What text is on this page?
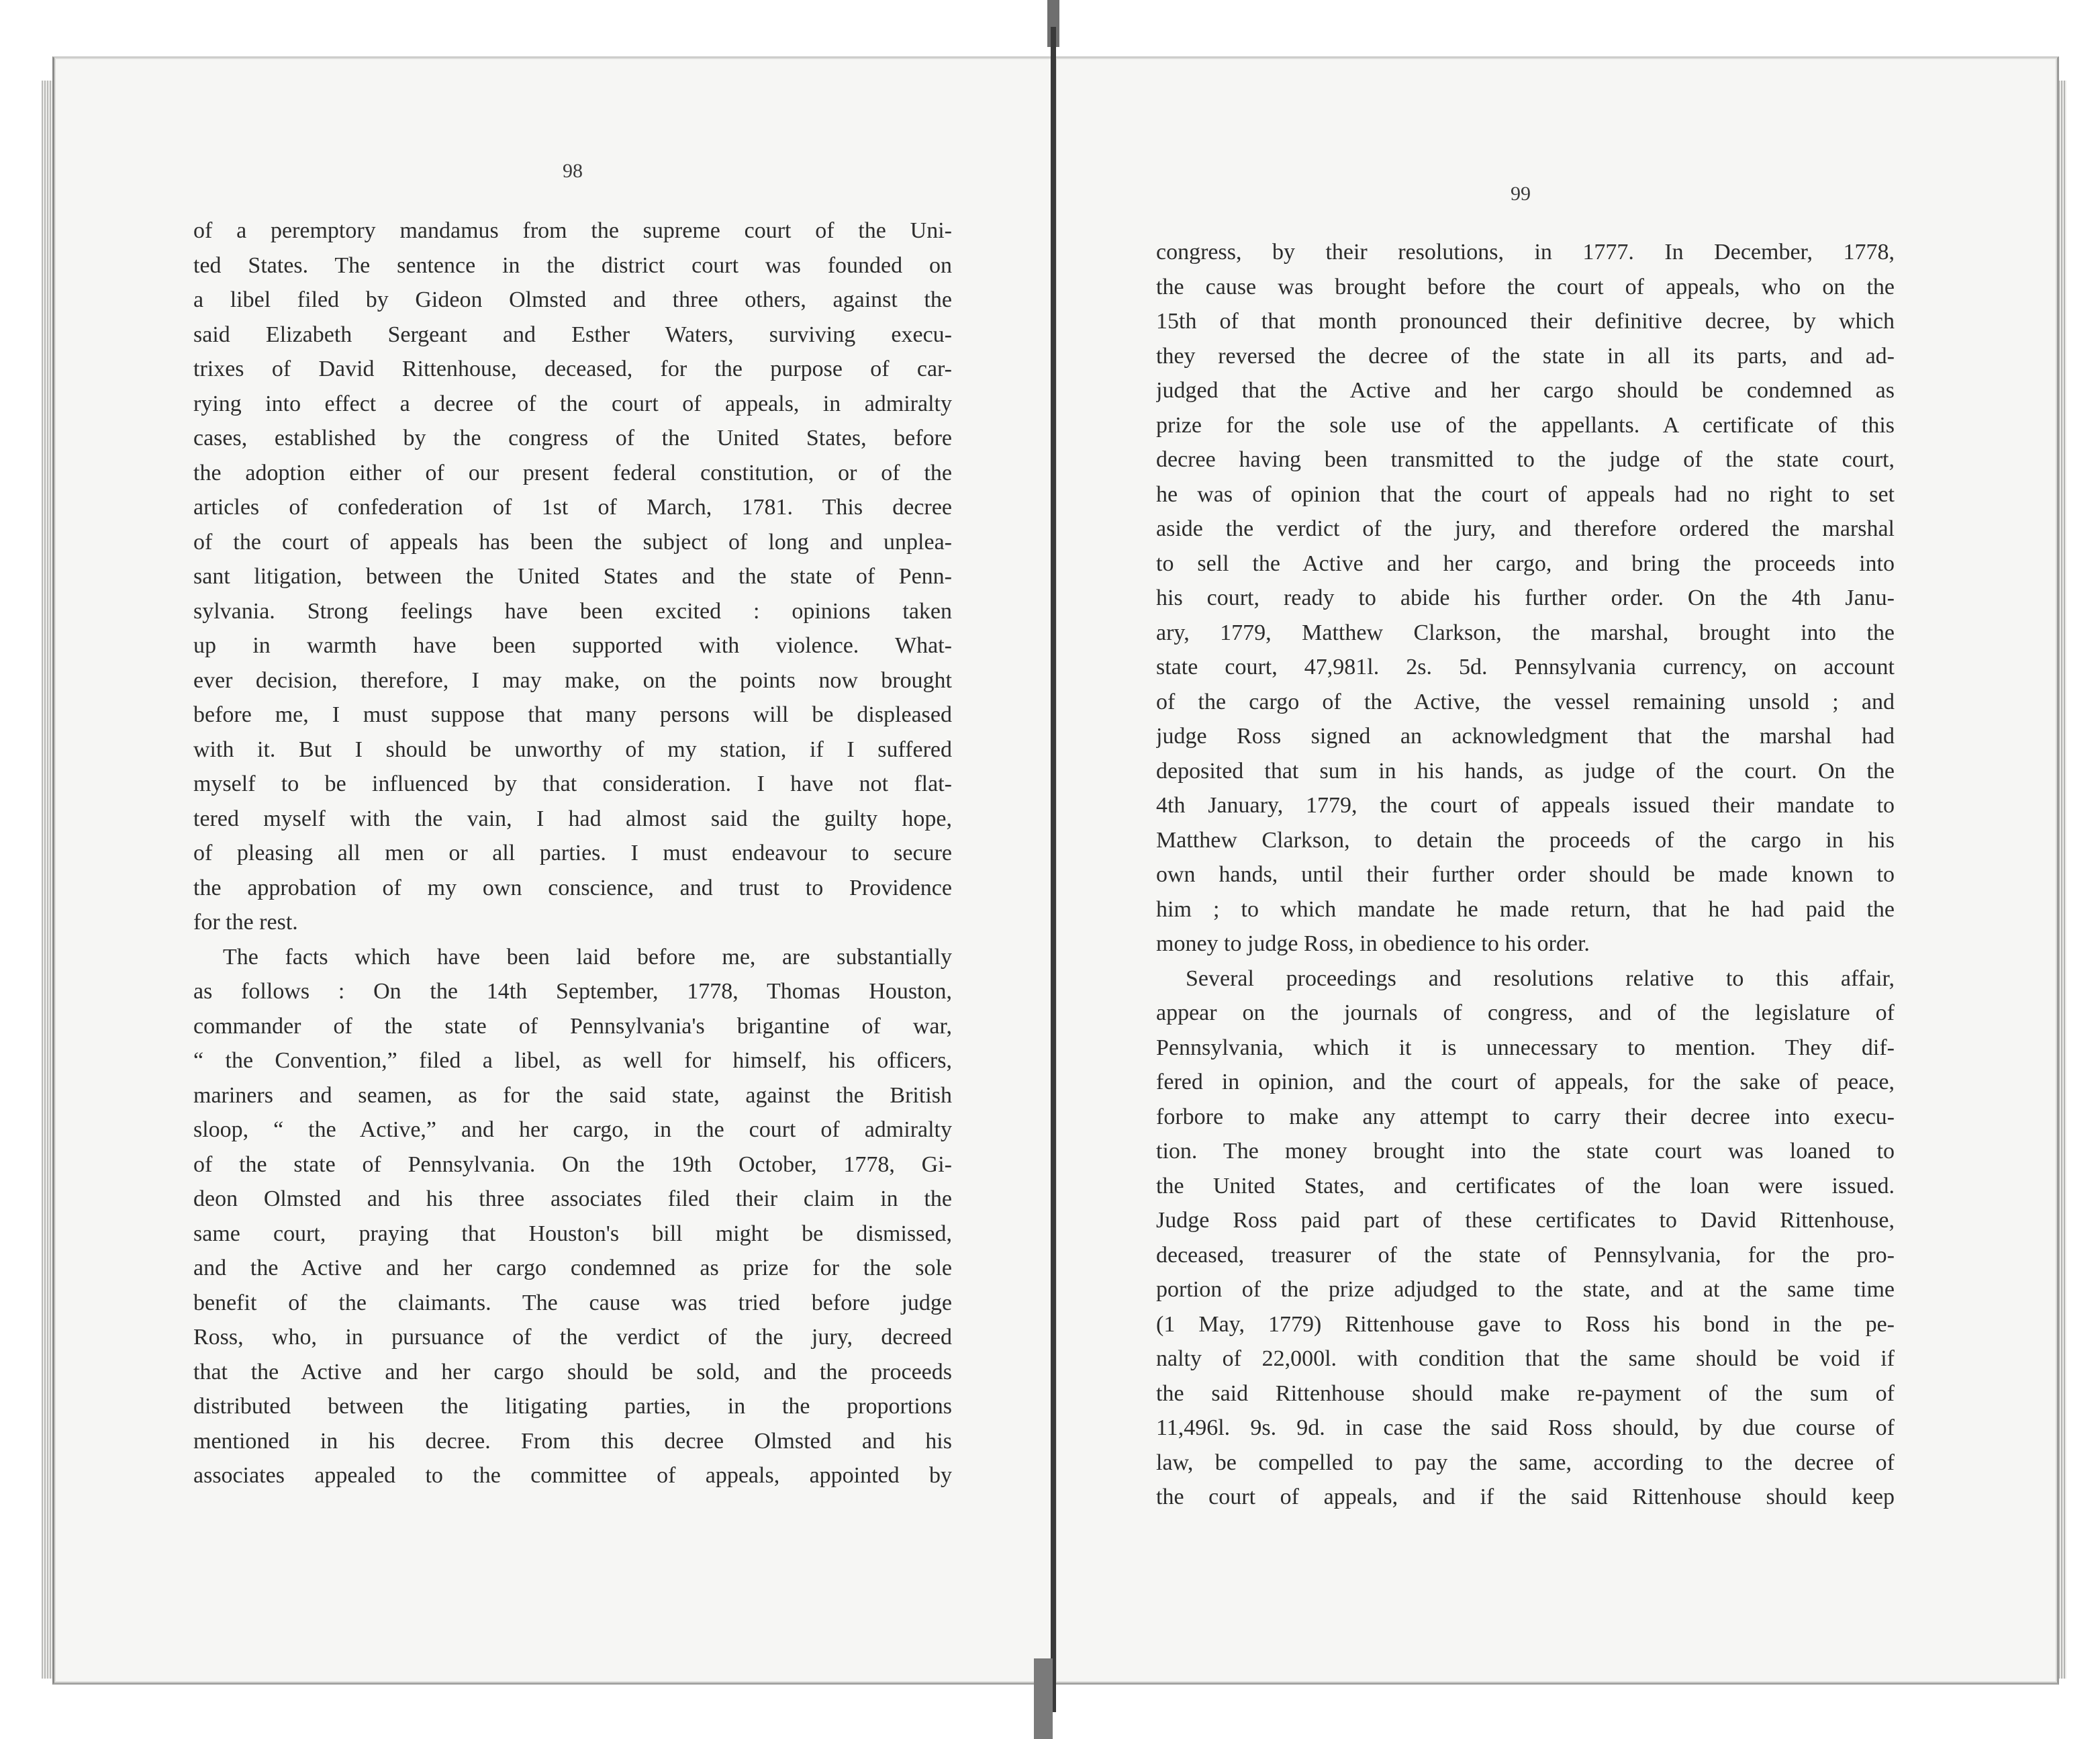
98
99
of a peremptory mandamus from the supreme court of the Uni-
ted States. The sentence in the district court was founded on
a libel filed by Gideon Olmsted and three others, against the
said Elizabeth Sergeant and Esther Waters, surviving execu-
trixes of David Rittenhouse, deceased, for the purpose of car-
rying into effect a decree of the court of appeals, in admiralty
cases, established by the congress of the United States, before
the adoption either of our present federal constitution, or of the
articles of confederation of 1st of March, 1781. This decree
of the court of appeals has been the subject of long and unplea-
sant litigation, between the United States and the state of Penn-
sylvania. Strong feelings have been excited : opinions taken
up in warmth have been supported with violence. What-
ever decision, therefore, I may make, on the points now brought
before me, I must suppose that many persons will be displeased
with it. But I should be unworthy of my station, if I suffered
myself to be influenced by that consideration. I have not flat-
tered myself with the vain, I had almost said the guilty hope,
of pleasing all men or all parties. I must endeavour to secure
the approbation of my own conscience, and trust to Providence
for the rest.
The facts which have been laid before me, are substantially
as follows : On the 14th September, 1778, Thomas Houston,
commander of the state of Pennsylvania's brigantine of war,
“ the Convention,” filed a libel, as well for himself, his officers,
mariners and seamen, as for the said state, against the British
sloop, “ the Active,” and her cargo, in the court of admiralty
of the state of Pennsylvania. On the 19th October, 1778, Gi-
deon Olmsted and his three associates filed their claim in the
same court, praying that Houston's bill might be dismissed,
and the Active and her cargo condemned as prize for the sole
benefit of the claimants. The cause was tried before judge
Ross, who, in pursuance of the verdict of the jury, decreed
that the Active and her cargo should be sold, and the proceeds
distributed between the litigating parties, in the proportions
mentioned in his decree. From this decree Olmsted and his
associates appealed to the committee of appeals, appointed by
congress, by their resolutions, in 1777. In December, 1778,
the cause was brought before the court of appeals, who on the
15th of that month pronounced their definitive decree, by which
they reversed the decree of the state in all its parts, and ad-
judged that the Active and her cargo should be condemned as
prize for the sole use of the appellants. A certificate of this
decree having been transmitted to the judge of the state court,
he was of opinion that the court of appeals had no right to set
aside the verdict of the jury, and therefore ordered the marshal
to sell the Active and her cargo, and bring the proceeds into
his court, ready to abide his further order. On the 4th Janu-
ary, 1779, Matthew Clarkson, the marshal, brought into the
state court, 47,981l. 2s. 5d. Pennsylvania currency, on account
of the cargo of the Active, the vessel remaining unsold ; and
judge Ross signed an acknowledgment that the marshal had
deposited that sum in his hands, as judge of the court. On the
4th January, 1779, the court of appeals issued their mandate to
Matthew Clarkson, to detain the proceeds of the cargo in his
own hands, until their further order should be made known to
him ; to which mandate he made return, that he had paid the
money to judge Ross, in obedience to his order.
Several proceedings and resolutions relative to this affair,
appear on the journals of congress, and of the legislature of
Pennsylvania, which it is unnecessary to mention. They dif-
fered in opinion, and the court of appeals, for the sake of peace,
forbore to make any attempt to carry their decree into execu-
tion. The money brought into the state court was loaned to
the United States, and certificates of the loan were issued.
Judge Ross paid part of these certificates to David Rittenhouse,
deceased, treasurer of the state of Pennsylvania, for the pro-
portion of the prize adjudged to the state, and at the same time
(1 May, 1779) Rittenhouse gave to Ross his bond in the pe-
nalty of 22,000l. with condition that the same should be void if
the said Rittenhouse should make re-payment of the sum of
11,496l. 9s. 9d. in case the said Ross should, by due course of
law, be compelled to pay the same, according to the decree of
the court of appeals, and if the said Rittenhouse should keep
